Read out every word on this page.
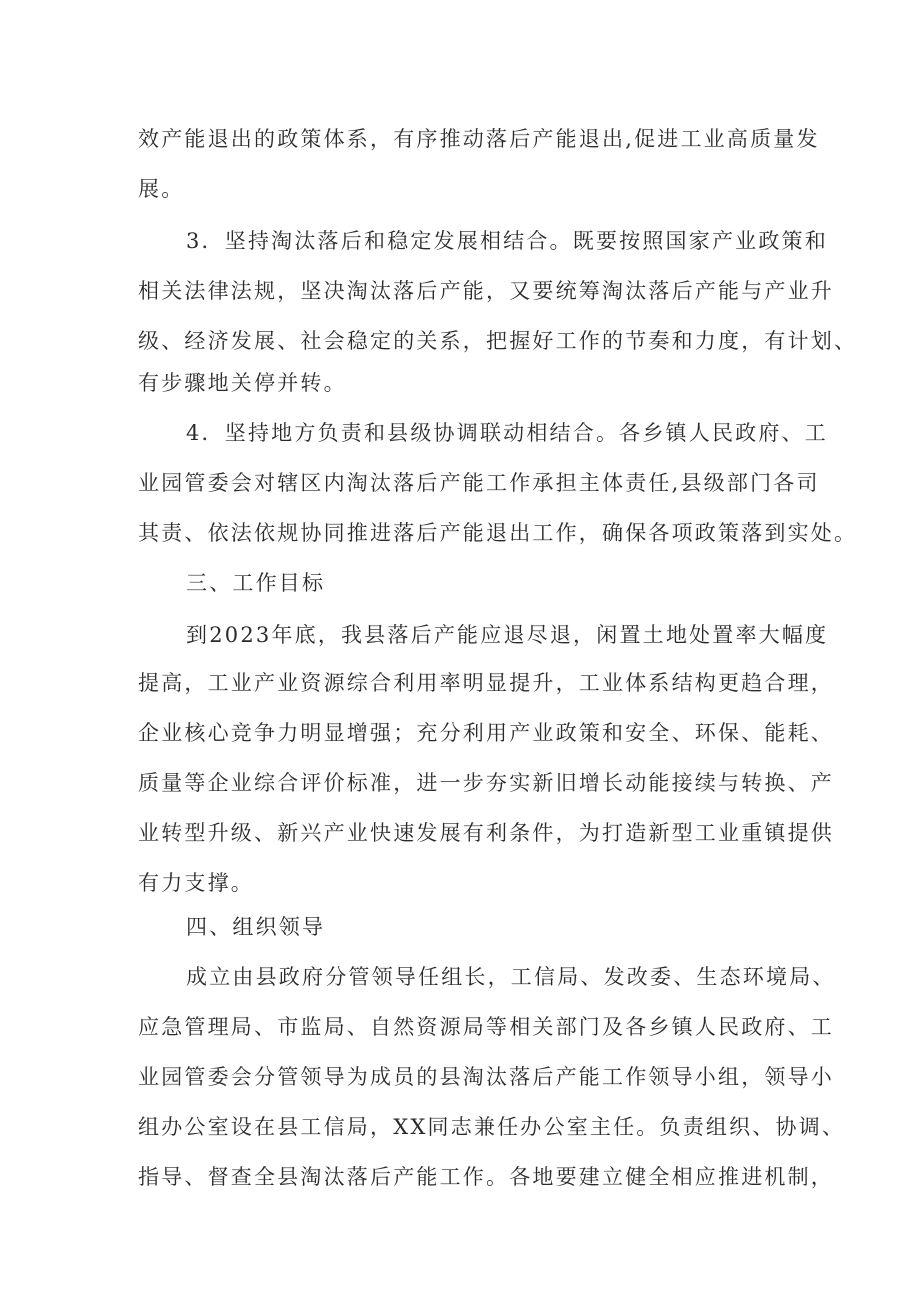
效产能退出的政策体系，有序推动落后产能退出,促进工业高质量发
展。
3．坚持淘汰落后和稳定发展相结合。既要按照国家产业政策和
相关法律法规，坚决淘汰落后产能，又要统筹淘汰落后产能与产业升
级、经济发展、社会稳定的关系，把握好工作的节奏和力度，有计划、
有步骤地关停并转。
4．坚持地方负责和县级协调联动相结合。各乡镇人民政府、工
业园管委会对辖区内淘汰落后产能工作承担主体责任,县级部门各司
其责、依法依规协同推进落后产能退出工作，确保各项政策落到实处。
三、工作目标
到2023年底，我县落后产能应退尽退，闲置土地处置率大幅度
提高，工业产业资源综合利用率明显提升，工业体系结构更趋合理，
企业核心竞争力明显增强；充分利用产业政策和安全、环保、能耗、
质量等企业综合评价标准，进一步夯实新旧增长动能接续与转换、产
业转型升级、新兴产业快速发展有利条件，为打造新型工业重镇提供
有力支撑。
四、组织领导
成立由县政府分管领导任组长，工信局、发改委、生态环境局、
应急管理局、市监局、自然资源局等相关部门及各乡镇人民政府、工
业园管委会分管领导为成员的县淘汰落后产能工作领导小组，领导小
组办公室设在县工信局，XX同志兼任办公室主任。负责组织、协调、
指导、督查全县淘汰落后产能工作。各地要建立健全相应推进机制，
